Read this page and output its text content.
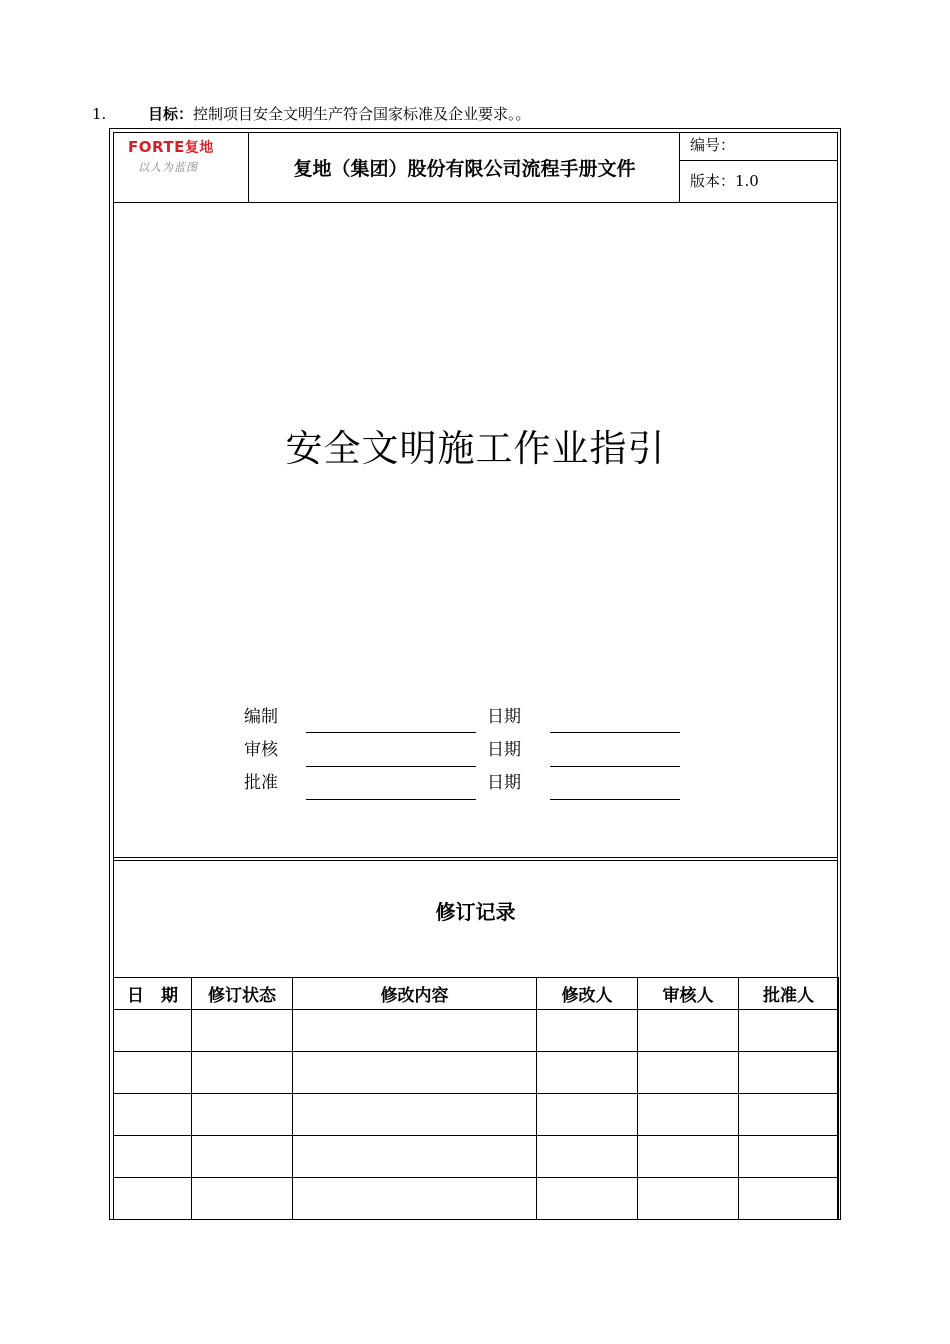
1.	目标：控制项目安全文明生产符合国家标准及企业要求。。
FORTE复地
以人为蓝图	复地（集团）股份有限公司流程手册文件
编号：
版本：1.0
安全文明施工作业指引
编制	日期
审核	日期
批准	日期
修订记录
日　期	修订状态	修改内容	修改人	审核人	批准人
